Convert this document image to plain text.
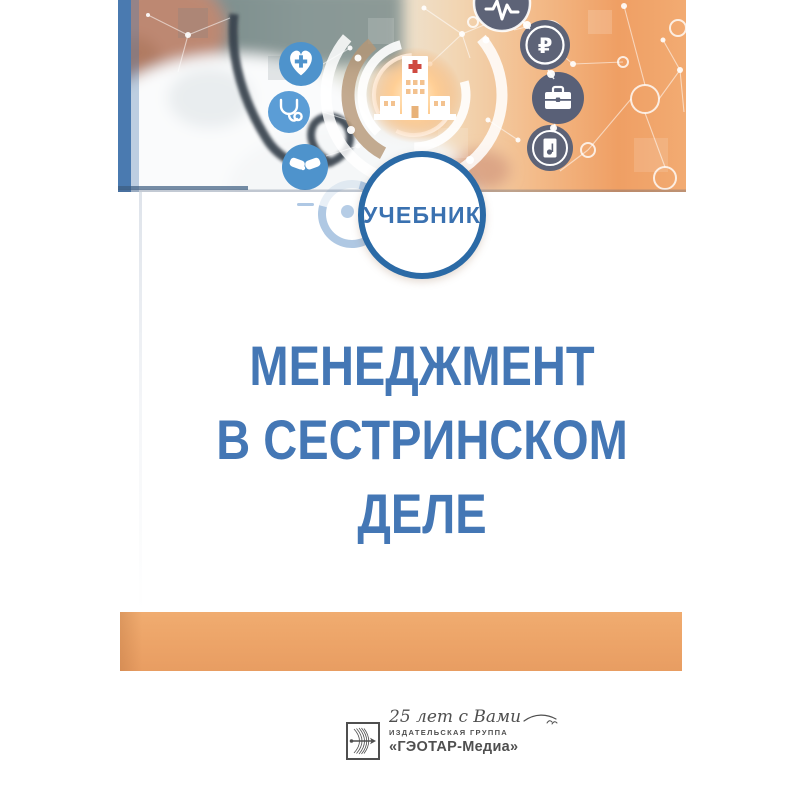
₽
УЧЕБНИК
МЕНЕДЖМЕНТ
В СЕСТРИНСКОМ
ДЕЛЕ
25 лет с Вами
ИЗДАТЕЛЬСКАЯ ГРУППА
«ГЭОТАР-Медиа»
